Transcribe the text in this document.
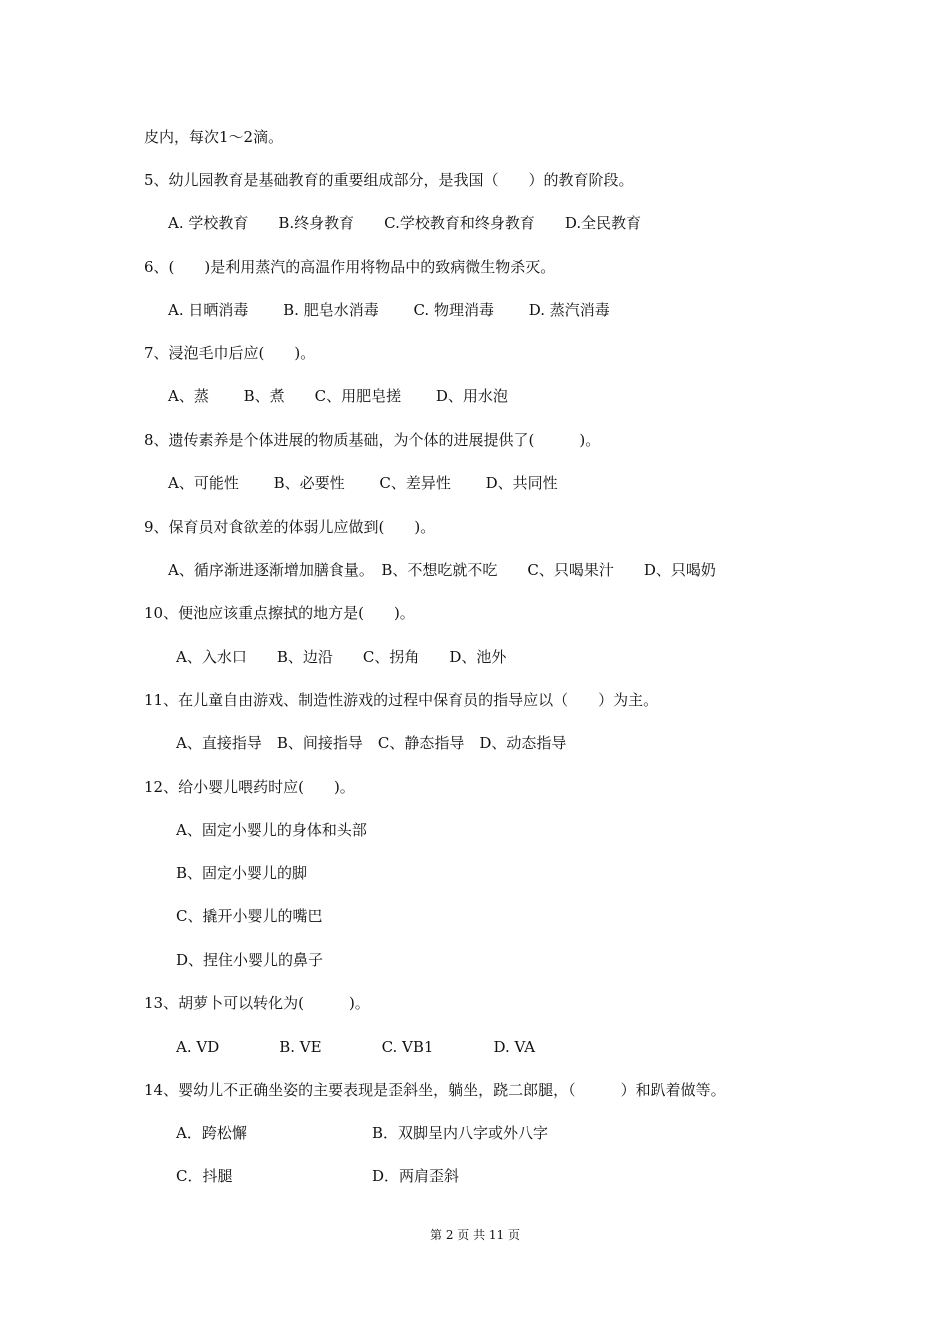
皮内，每次1～2滴。
5、幼儿园教育是基础教育的重要组成部分，是我国（　　）的教育阶段。
A. 学校教育　　B.终身教育　　C.学校教育和终身教育　　D.全民教育
6、(　　)是利用蒸汽的高温作用将物品中的致病微生物杀灭。
A. 日晒消毒　　 B. 肥皂水消毒　　 C. 物理消毒　　 D. 蒸汽消毒
7、浸泡毛巾后应(　　)。
A、蒸　　 B、煮　　C、用肥皂搓　　 D、用水泡
8、遗传素养是个体进展的物质基础，为个体的进展提供了(　　　)。
A、可能性　　 B、必要性　　 C、差异性　　 D、共同性
9、保育员对食欲差的体弱儿应做到(　　)。
A、循序渐进逐渐增加膳食量。　B、不想吃就不吃　　C、只喝果汁　　D、只喝奶
10、便池应该重点擦拭的地方是(　　)。
A、入水口　　B、边沿　　C、拐角　　D、池外
11、在儿童自由游戏、制造性游戏的过程中保育员的指导应以（　　）为主。
A、直接指导　B、间接指导　C、静态指导　D、动态指导
12、给小婴儿喂药时应(　　)。
A、固定小婴儿的身体和头部
B、固定小婴儿的脚
C、撬开小婴儿的嘴巴
D、捏住小婴儿的鼻子
13、胡萝卜可以转化为(　　　)。
A. VD　　　　B. VE　　　　C. VB1　　　　D. VA
14、婴幼儿不正确坐姿的主要表现是歪斜坐，躺坐，跷二郎腿，（　　　）和趴着做等。
A．跨松懈	B．双脚呈内八字或外八字
C．抖腿	D．两肩歪斜
第 2 页 共 11 页
